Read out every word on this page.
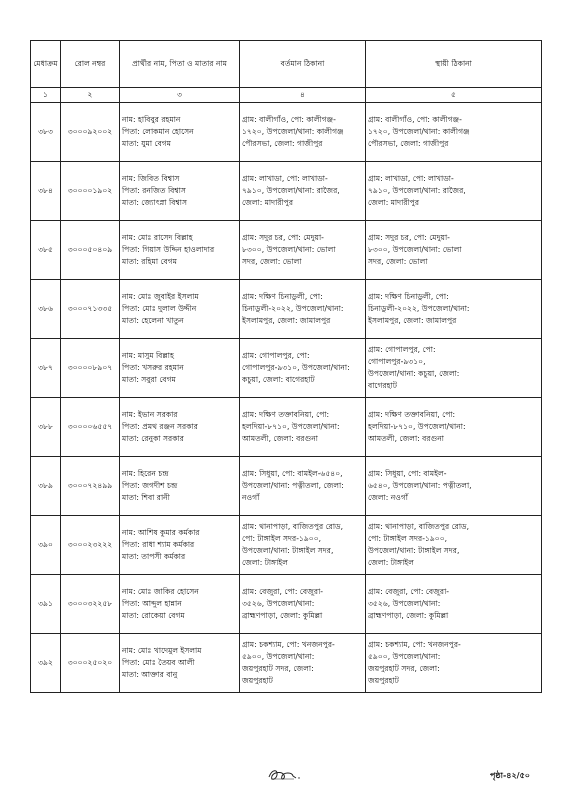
মেধাক্রম	রোল নম্বর	প্রার্থীর নাম, পিতা ও মাতার নাম	বর্তমান ঠিকানা	স্থায়ী ঠিকানা
১	২	৩	৪	৫
৩৮৩	৩০০০৯২০০২	নাম: হাবিবুর রহমান
পিতা: লোকমান হোসেন
মাতা: যুমা বেগম	গ্রাম: বালীগাঁও, পো: কালীগঞ্জ-
১৭২০, উপজেলা/থানা: কালীগঞ্জ
পৌরসভা, জেলা: গাজীপুর	গ্রাম: বালীগাঁও, পো: কালীগঞ্জ-
১৭২০, উপজেলা/থানা: কালীগঞ্জ
পৌরসভা, জেলা: গাজীপুর

৩৮৪	৩০০০০১৯০২	নাম: জিবিত বিশ্বাস
পিতা: রনজিত বিশ্বাস
মাতা: জ্যোৎস্না বিশ্বাস	গ্রাম: লাখাডা, পো: লাখাডা-
৭৯১০, উপজেলা/থানা: রাজৈর,
জেলা: মাদারীপুর	গ্রাম: লাখাডা, পো: লাখাডা-
৭৯১০, উপজেলা/থানা: রাজৈর,
জেলা: মাদারীপুর

৩৮৫	৩০০০৫০৪০৯	নাম: মোঃ রাসেদ বিল্লাহ
পিতা: গিয়াস উদ্দিন হাওলাদার
মাতা: রহিমা বেগম	গ্রাম: সদুর চর, পো: মেদুয়া-
৮৩০০, উপজেলা/থানা: ভোলা
সদর, জেলা: ভোলা	গ্রাম: সদুর চর, পো: মেদুয়া-
৮৩০০, উপজেলা/থানা: ভোলা
সদর, জেলা: ভোলা

৩৮৬	৩০০০৭১৩৩৫	নাম: মোঃ জুবাইর ইসলাম
পিতা: মোঃ দুলাল উদ্দীন
মাতা: হেলেনা খাতুন	গ্রাম: দক্ষিণ চিনাডুলী, পো:
চিনাডুলী-২০২২, উপজেলা/থানা:
ইসলামপুর, জেলা: জামালপুর	গ্রাম: দক্ষিণ চিনাডুলী, পো:
চিনাডুলী-২০২২, উপজেলা/থানা:
ইসলামপুর, জেলা: জামালপুর

৩৮৭	৩০০০০৮৯০৭	নাম: মাসুম বিল্লাহ
পিতা: খসরুর রহমান
মাতা: সবুরা বেগম	গ্রাম: গোপালপুর, পো:
গোপালপুর-৯৩১০, উপজেলা/থানা:
কচুয়া, জেলা: বাগেরহাট	গ্রাম: গোপালপুর, পো:
গোপালপুর-৯৩১০,
উপজেলা/থানা: কচুয়া, জেলা:
বাগেরহাট

৩৮৮	৩০০০০৬৫৫৭	নাম: ইভান সরকার
পিতা: প্রমথ রঞ্জন সরকার
মাতা: রেনুকা সরকার	গ্রাম: দক্ষিণ তক্তাবনিয়া, পো:
হলদিয়া-৮৭১০, উপজেলা/থানা:
আমতলী, জেলা: বরগুনা	গ্রাম: দক্ষিণ তক্তাবনিয়া, পো:
হলদিয়া-৮৭১০, উপজেলা/থানা:
আমতলী, জেলা: বরগুনা

৩৮৯	৩০০০৭২৪৯৯	নাম: হিরেন চন্দ্র
পিতা: জগদীশ চন্দ্র
মাতা: শিবা রানী	গ্রাম: সিধুয়া, পো: বামইল-৬৫৪০,
উপজেলা/থানা: পত্নীতলা, জেলা:
নওগাঁ	গ্রাম: সিধুয়া, পো: বামইল-
৬৫৪০, উপজেলা/থানা: পত্নীতলা,
জেলা: নওগাঁ

৩৯০	৩০০০২৩২২২	নাম: আশিষ কুমার কর্মকার
পিতা: রাধা শ্যাম কর্মকার
মাতা: তাপসী কর্মকার	গ্রাম: থানাপাড়া, বাজিতপুর রোড,
পো: টাঙ্গাইল সদর-১৯০০,
উপজেলা/থানা: টাঙ্গাইল সদর,
জেলা: টাঙ্গাইল	গ্রাম: থানাপাড়া, বাজিতপুর রোড,
পো: টাঙ্গাইল সদর-১৯০০,
উপজেলা/থানা: টাঙ্গাইল সদর,
জেলা: টাঙ্গাইল

৩৯১	৩০০০৩২২৫৮	নাম: মোঃ জাকির হোসেন
পিতা: আব্দুল হান্নান
মাতা: রোকেয়া বেগম	গ্রাম: বেজুরা, পো: বেজুরা-
৩৫২৬, উপজেলা/থানা:
ব্রাহ্মণপাড়া, জেলা: কুমিল্লা	গ্রাম: বেজুরা, পো: বেজুরা-
৩৫২৬, উপজেলা/থানা:
ব্রাহ্মণপাড়া, জেলা: কুমিল্লা

৩৯২	৩০০০২৫০২০	নাম: মোঃ খাদেমুল ইসলাম
পিতা: মোঃ তৈয়ব আলী
মাতা: আক্তার বানু	গ্রাম: চকশ্যাম, পো: খনজনপুর-
৫৯০০, উপজেলা/থানা:
জয়পুরহাট সদর, জেলা:
জয়পুরহাট	গ্রাম: চকশ্যাম, পো: খনজনপুর-
৫৯০০, উপজেলা/থানা:
জয়পুরহাট সদর, জেলা:
জয়পুরহাট
পৃষ্ঠা-৪২/৫০
